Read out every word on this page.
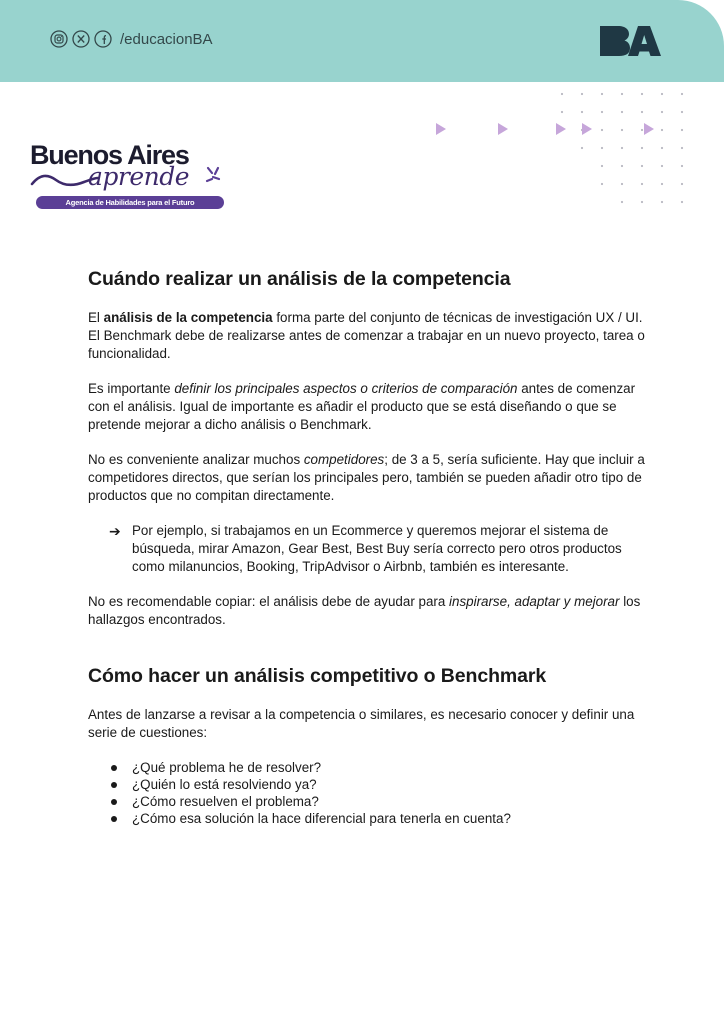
/educacionBA
BA
Buenos Aires
aprende
Agencia de Habilidades para el Futuro
Cuándo realizar un análisis de la competencia

El análisis de la competencia forma parte del conjunto de técnicas de investigación UX / UI. El Benchmark debe de realizarse antes de comenzar a trabajar en un nuevo proyecto, tarea o funcionalidad.

Es importante definir los principales aspectos o criterios de comparación antes de comenzar con el análisis. Igual de importante es añadir el producto que se está diseñando o que se pretende mejorar a dicho análisis o Benchmark.

No es conveniente analizar muchos competidores; de 3 a 5, sería suficiente. Hay que incluir a competidores directos, que serían los principales pero, también se pueden añadir otro tipo de productos que no compitan directamente.

➔ Por ejemplo, si trabajamos en un Ecommerce y queremos mejorar el sistema de búsqueda, mirar Amazon, Gear Best, Best Buy sería correcto pero otros productos como milanuncios, Booking, TripAdvisor o Airbnb, también es interesante.

No es recomendable copiar: el análisis debe de ayudar para inspirarse, adaptar y mejorar los hallazgos encontrados.

Cómo hacer un análisis competitivo o Benchmark

Antes de lanzarse a revisar a la competencia o similares, es necesario conocer y definir una serie de cuestiones:

¿Qué problema he de resolver?
¿Quién lo está resolviendo ya?
¿Cómo resuelven el problema?
¿Cómo esa solución la hace diferencial para tenerla en cuenta?
